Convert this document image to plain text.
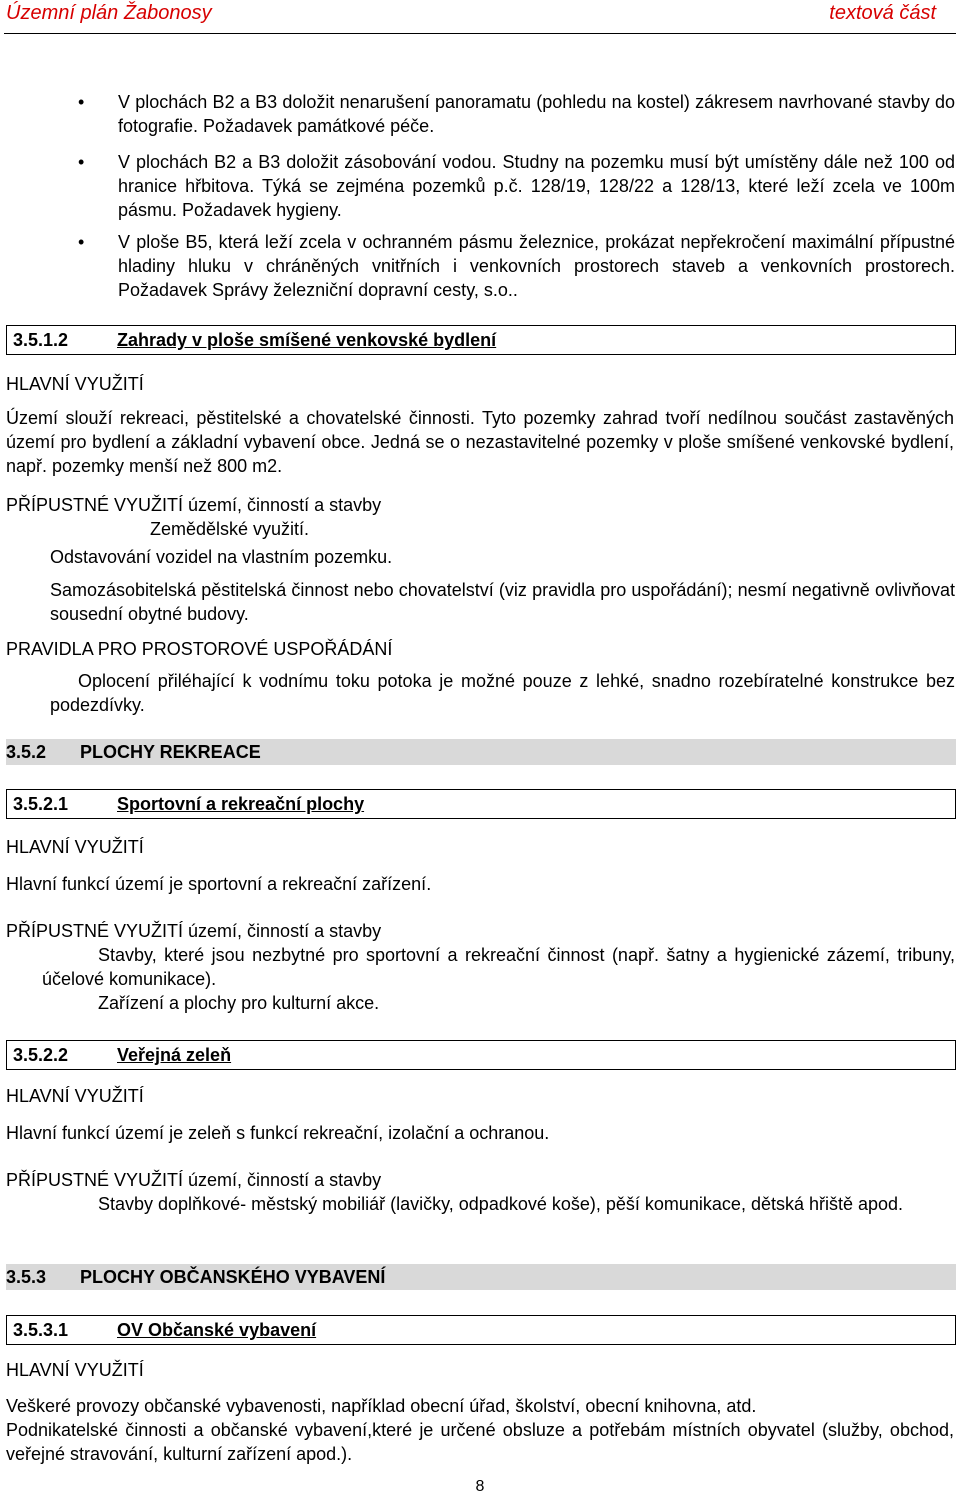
Územní plán Žabonosy	textová část
• V plochách B2 a B3 doložit nenarušení panoramatu (pohledu na kostel) zákresem navrhované stavby do fotografie. Požadavek památkové péče.
• V plochách B2 a B3 doložit zásobování vodou. Studny na pozemku musí být umístěny dále než 100 od hranice hřbitova. Týká se zejména pozemků p.č. 128/19, 128/22 a 128/13, které leží zcela ve 100m pásmu. Požadavek hygieny.
• V ploše B5, která leží zcela v ochranném pásmu železnice, prokázat nepřekročení maximální přípustné hladiny hluku v chráněných vnitřních i venkovních prostorech staveb a venkovních prostorech. Požadavek Správy železniční dopravní cesty, s.o..
3.5.1.2	Zahrady v ploše smíšené venkovské bydlení
HLAVNÍ VYUŽITÍ
Území slouží rekreaci, pěstitelské a chovatelské činnosti. Tyto pozemky zahrad tvoří nedílnou součást zastavěných území pro bydlení a základní vybavení obce. Jedná se o nezastavitelné pozemky v ploše smíšené venkovské bydlení, např. pozemky menší než 800 m2.
PŘÍPUSTNÉ VYUŽITÍ území, činností a stavby
Zemědělské využití.
Odstavování vozidel na vlastním pozemku.
Samozásobitelská pěstitelská činnost nebo chovatelství (viz pravidla pro uspořádání); nesmí negativně ovlivňovat sousední obytné budovy.
PRAVIDLA PRO PROSTOROVÉ USPOŘÁDÁNÍ
Oplocení přiléhající k vodnímu toku potoka je možné pouze z lehké, snadno rozebíratelné konstrukce bez podezdívky.
3.5.2 PLOCHY REKREACE
3.5.2.1	Sportovní a rekreační plochy
HLAVNÍ VYUŽITÍ
Hlavní funkcí území je sportovní a rekreační zařízení.
PŘÍPUSTNÉ VYUŽITÍ území, činností a stavby
Stavby, které jsou nezbytné pro sportovní a rekreační činnost (např. šatny a hygienické zázemí, tribuny, účelové komunikace).
Zařízení a plochy pro kulturní akce.
3.5.2.2	Veřejná zeleň
HLAVNÍ VYUŽITÍ
Hlavní funkcí území je zeleň s funkcí rekreační, izolační a ochranou.
PŘÍPUSTNÉ VYUŽITÍ území, činností a stavby
Stavby doplňkové- městský mobiliář (lavičky, odpadkové koše), pěší komunikace, dětská hřiště apod.
3.5.3 PLOCHY OBČANSKÉHO VYBAVENÍ
3.5.3.1	OV Občanské vybavení
HLAVNÍ VYUŽITÍ
Veškeré provozy občanské vybavenosti, například obecní úřad, školství, obecní knihovna, atd.
Podnikatelské činnosti a občanské vybavení,které je určené obsluze a potřebám místních obyvatel (služby, obchod, veřejné stravování, kulturní zařízení apod.).
8
